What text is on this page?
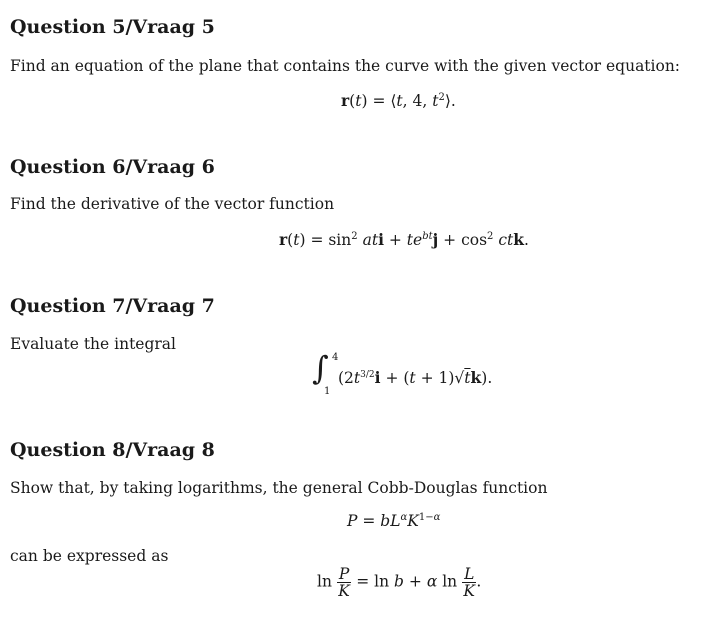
Question 5/Vraag 5
Find an equation of the plane that contains the curve with the given vector equation:
r(t) = ⟨t, 4, $t^2⟩$.
Question 6/Vraag 6
Find the derivative of the vector function
$r(t) = \sin^2$ ati + $te^{bt}j + \cos^2$ ctk.
Question 7/Vraag 7
Evaluate the integral
∫ 4
1
$(2t^{3/2}i + (t + 1)√tk)$.
Question 8/Vraag 8
Show that, by taking logarithms, the general Cobb-Douglas function
$P = bL^\alpha K^{1-\alpha}$
can be expressed as
$\ln \frac{P}{K} = \ln b + \alpha$ $\ln \frac{L}{K}$ .
